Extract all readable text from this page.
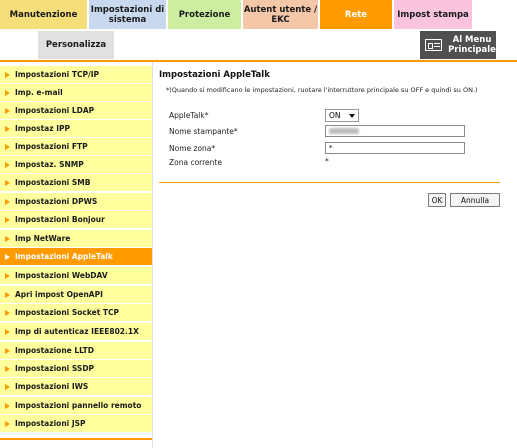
Manutenzione	Impostazioni di sistema	Protezione	Autent utente / EKC	Rete	Impost stampa
Personalizza	Al Menu Principale
Impostazioni TCP/IP
Imp. e-mail
Impostazioni LDAP
Impostaz IPP
Impostazioni FTP
Impostaz. SNMP
Impostazioni SMB
Impostazioni DPWS
Impostazioni Bonjour
Imp NetWare
Impostazioni AppleTalk
Impostazioni WebDAV
Apri impost OpenAPI
Impostazioni Socket TCP
Imp di autenticaz IEEE802.1X
Impostazione LLTD
Impostazioni SSDP
Impostazioni IWS
Impostazioni pannello remoto
Impostazioni JSP
Impostazioni AppleTalk
*(Quando si modificano le impostazioni, ruotare l'interruttore principale su OFF e quindi su ON.)
AppleTalk*	ON
Nome stampante*
Nome zona*	*
Zona corrente	*
OK	Annulla
